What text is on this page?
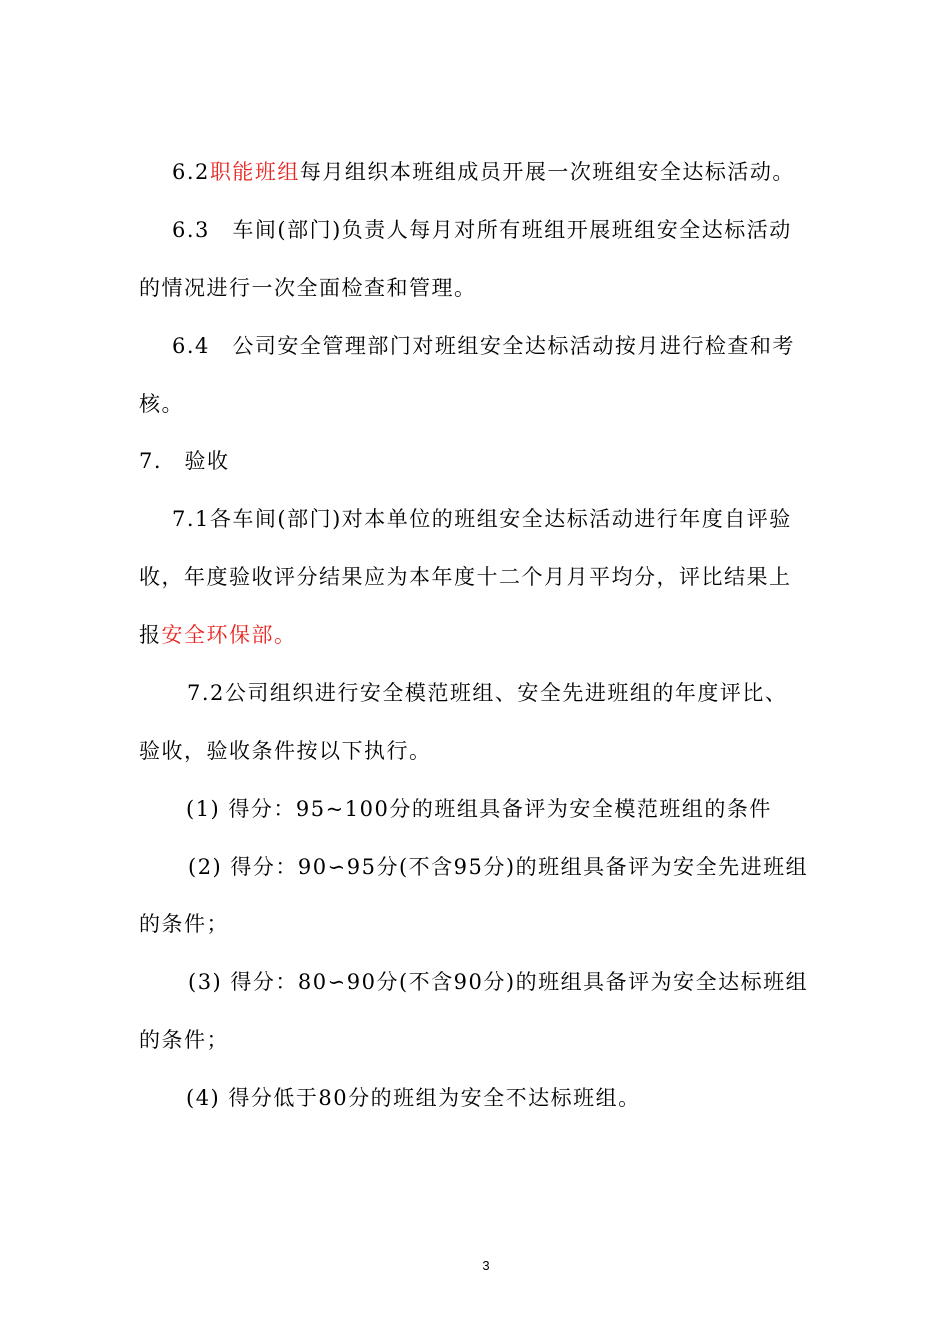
6.2职能班组每月组织本班组成员开展一次班组安全达标活动。
6.3　车间(部门)负责人每月对所有班组开展班组安全达标活动
的情况进行一次全面检查和管理。
6.4　公司安全管理部门对班组安全达标活动按月进行检查和考
核。
7.　验收
7.1各车间(部门)对本单位的班组安全达标活动进行年度自评验
收，年度验收评分结果应为本年度十二个月月平均分，评比结果上
报安全环保部。
7.2公司组织进行安全模范班组、安全先进班组的年度评比、
验收，验收条件按以下执行。
(1) 得分：95~100分的班组具备评为安全模范班组的条件
(2) 得分：90∽95分(不含95分)的班组具备评为安全先进班组
的条件；
(3) 得分：80∽90分(不含90分)的班组具备评为安全达标班组
的条件；
(4) 得分低于80分的班组为安全不达标班组。
3
